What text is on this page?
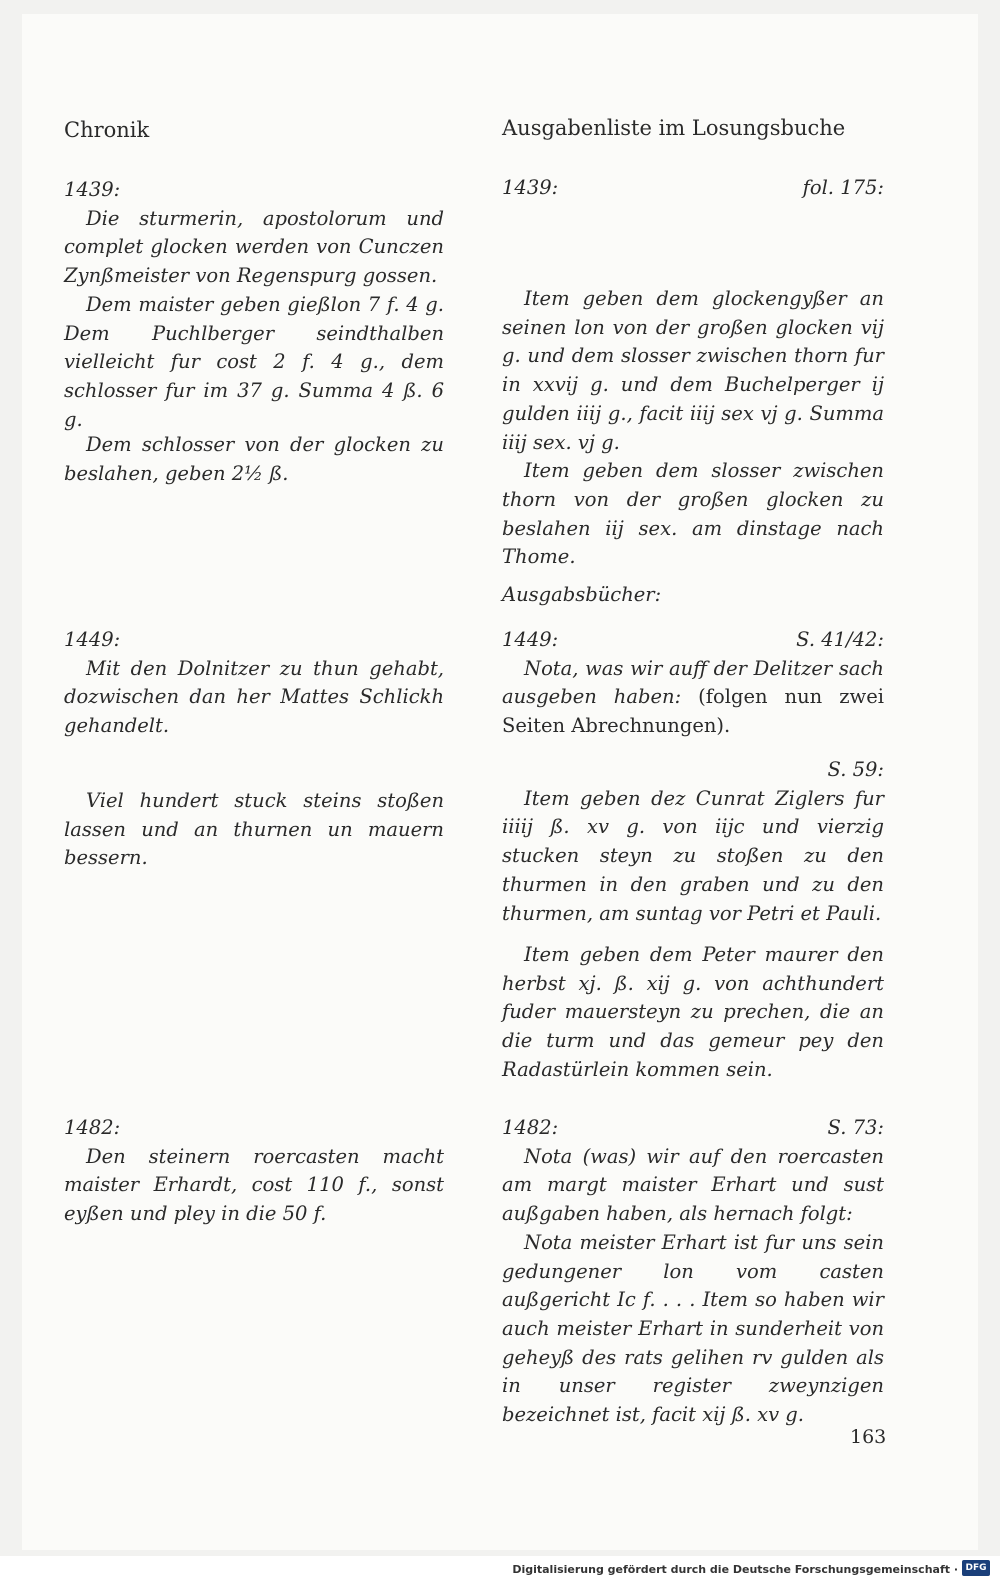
Chronik	Ausgabenliste im Losungsbuche
1439:

Die sturmerin, apostolorum und complet glocken werden von Cunczen Zynßmeister von Regenspurg gossen.

Dem maister geben gießlon 7 f. 4 g. Dem Puchlberger seindthalben vielleicht fur cost 2 f. 4 g., dem schlosser fur im 37 g. Summa 4 ß. 6 g.

Dem schlosser von der glocken zu beslahen, geben 2½ ß.

1449:

Mit den Dolnitzer zu thun gehabt, dozwischen dan her Mattes Schlickh gehandelt.

Viel hundert stuck steins stoßen lassen und an thurnen un mauern bessern.

1482:

Den steinern roercasten macht maister Erhardt, cost 110 f., sonst eyßen und pley in die 50 f.

1439:	fol. 175:

Item geben dem glockengyßer an seinen lon von der großen glocken vij g. und dem slosser zwischen thorn fur in xxvij g. und dem Buchelperger ij gulden iiij g., facit iiij sex vj g. Summa iiij sex. vj g.

Item geben dem slosser zwischen thorn von der großen glocken zu beslahen iij sex. am dinstage nach Thome.

Ausgabsbücher:
1449:	S. 41/42:

Nota, was wir auff der Delitzer sach ausgeben haben: (folgen nun zwei Seiten Abrechnungen).

S. 59:

Item geben dez Cunrat Ziglers fur iiiij ß. xv g. von iijc und vierzig stucken steyn zu stoßen zu den thurmen in den graben und zu den thurmen, am suntag vor Petri et Pauli.

Item geben dem Peter maurer den herbst xj. ß. xij g. von achthundert fuder mauersteyn zu prechen, die an die turm und das gemeur pey den Radastürlein kommen sein.

1482:	S. 73:

Nota (was) wir auf den roercasten am margt maister Erhart und sust außgaben haben, als hernach folgt:

Nota meister Erhart ist fur uns sein gedungener lon vom casten außgericht Ic f. . . . Item so haben wir auch meister Erhart in sunderheit von geheyß des rats gelihen rv gulden als in unser register zweynzigen bezeichnet ist, facit xij ß. xv g.

163
Digitalisierung gefördert durch die Deutsche Forschungsgemeinschaft · DFG
